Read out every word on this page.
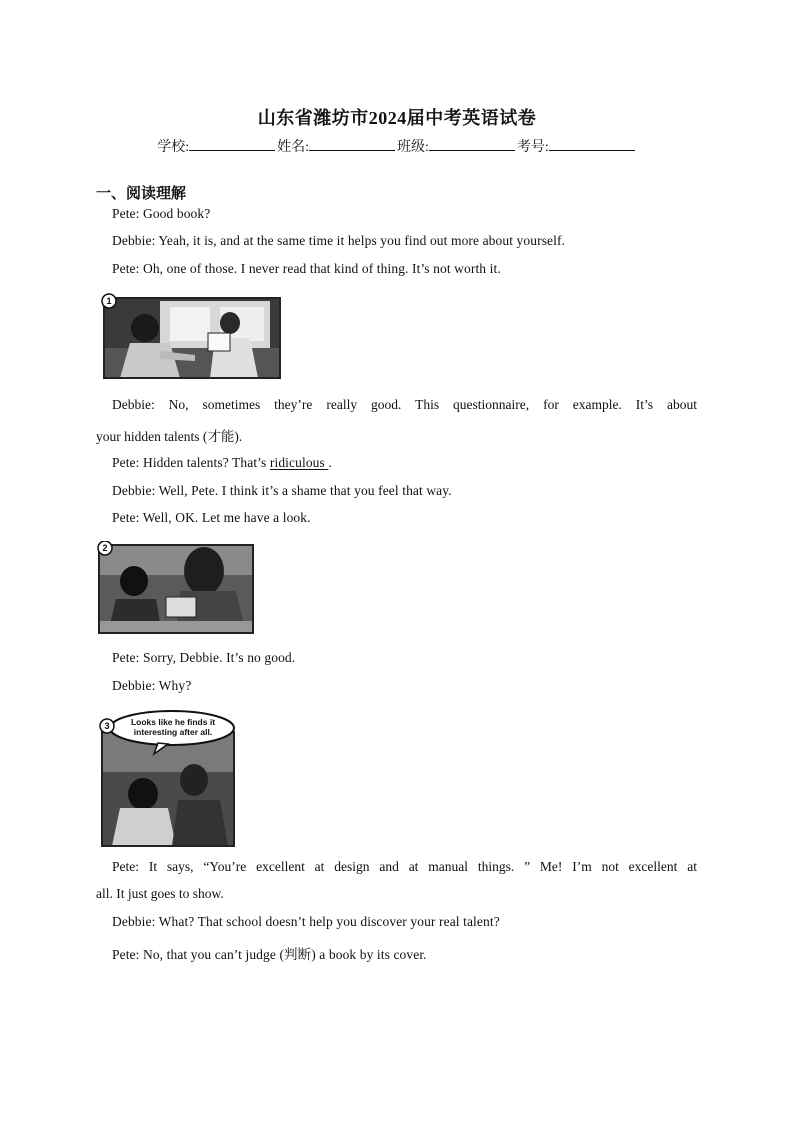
山东省潍坊市2024届中考英语试卷
学校:	姓名:	班级:	考号:
一、阅读理解
Pete: Good book?
Debbie: Yeah, it is, and at the same time it helps you find out more about yourself.
Pete: Oh, one of those. I never read that kind of thing. It’s not worth it.
1
Debbie: No, sometimes they’re really good. This questionnaire, for example. It’s about
your hidden talents (才能).
Pete: Hidden talents? That’s ridiculous .
Debbie: Well, Pete. I think it’s a shame that you feel that way.
Pete: Well, OK. Let me have a look.
2
Pete: Sorry, Debbie. It’s no good.
Debbie: Why?
Looks like he finds it
interesting after all.
3
Pete: It says, “You’re excellent at design and at manual things. ” Me! I’m not excellent at
all. It just goes to show.
Debbie: What? That school doesn’t help you discover your real talent?
Pete: No, that you can’t judge (判断) a book by its cover.
